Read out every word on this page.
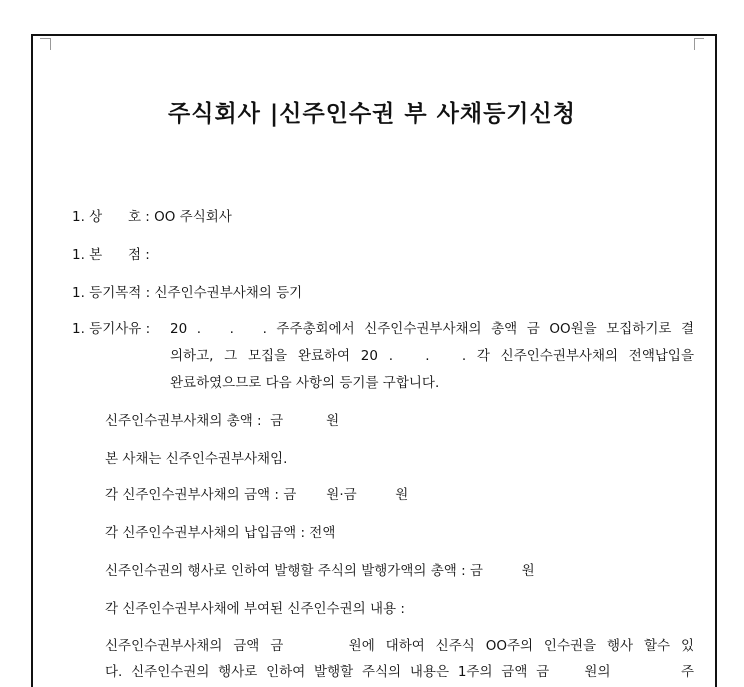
주식회사 |신주인수권 부 사채등기신청
1. 상      호 : OO 주식회사
1. 본      점 :
1. 등기목적 : 신주인수권부사채의 등기
1. 등기사유 : 20 .   .   . 주주총회에서 신주인수권부사채의 총액 금 OO원을 모집하기로 결
의하고, 그 모집을 완료하여 20 .   .   . 각 신주인수권부사채의 전액납입을
완료하였으므로 다음 사항의 등기를 구합니다.
신주인수권부사채의 총액 :  금          원
본 사채는 신주인수권부사채임.
각 신주인수권부사채의 금액 : 금       원·금         원
각 신주인수권부사채의 납입금액 : 전액
신주인수권의 행사로 인하여 발행할 주식의 발행가액의 총액 : 금         원
각 신주인수권부사채에 부여된 신주인수권의 내용 :
신주인수권부사채의 금액 금      원에 대하여 신주식 OO주의 인수권을 행사 할수 있
다. 신주인수권의 행사로 인하여 발행할 주식의 내용은 1주의 금액 금    원의        주
